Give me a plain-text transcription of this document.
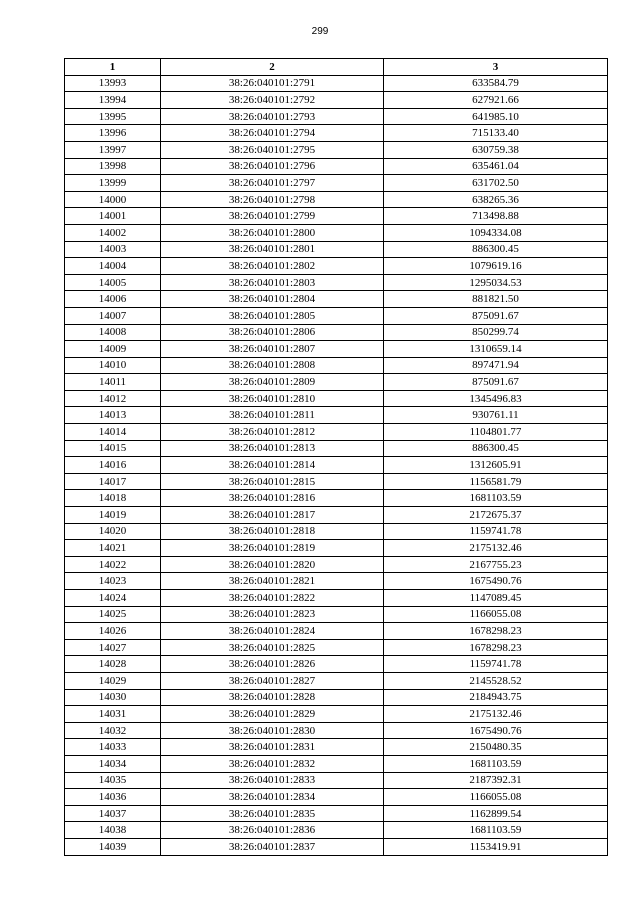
299
1	2	3
13993	38:26:040101:2791	633584.79
13994	38:26:040101:2792	627921.66
13995	38:26:040101:2793	641985.10
13996	38:26:040101:2794	715133.40
13997	38:26:040101:2795	630759.38
13998	38:26:040101:2796	635461.04
13999	38:26:040101:2797	631702.50
14000	38:26:040101:2798	638265.36
14001	38:26:040101:2799	713498.88
14002	38:26:040101:2800	1094334.08
14003	38:26:040101:2801	886300.45
14004	38:26:040101:2802	1079619.16
14005	38:26:040101:2803	1295034.53
14006	38:26:040101:2804	881821.50
14007	38:26:040101:2805	875091.67
14008	38:26:040101:2806	850299.74
14009	38:26:040101:2807	1310659.14
14010	38:26:040101:2808	897471.94
14011	38:26:040101:2809	875091.67
14012	38:26:040101:2810	1345496.83
14013	38:26:040101:2811	930761.11
14014	38:26:040101:2812	1104801.77
14015	38:26:040101:2813	886300.45
14016	38:26:040101:2814	1312605.91
14017	38:26:040101:2815	1156581.79
14018	38:26:040101:2816	1681103.59
14019	38:26:040101:2817	2172675.37
14020	38:26:040101:2818	1159741.78
14021	38:26:040101:2819	2175132.46
14022	38:26:040101:2820	2167755.23
14023	38:26:040101:2821	1675490.76
14024	38:26:040101:2822	1147089.45
14025	38:26:040101:2823	1166055.08
14026	38:26:040101:2824	1678298.23
14027	38:26:040101:2825	1678298.23
14028	38:26:040101:2826	1159741.78
14029	38:26:040101:2827	2145528.52
14030	38:26:040101:2828	2184943.75
14031	38:26:040101:2829	2175132.46
14032	38:26:040101:2830	1675490.76
14033	38:26:040101:2831	2150480.35
14034	38:26:040101:2832	1681103.59
14035	38:26:040101:2833	2187392.31
14036	38:26:040101:2834	1166055.08
14037	38:26:040101:2835	1162899.54
14038	38:26:040101:2836	1681103.59
14039	38:26:040101:2837	1153419.91
